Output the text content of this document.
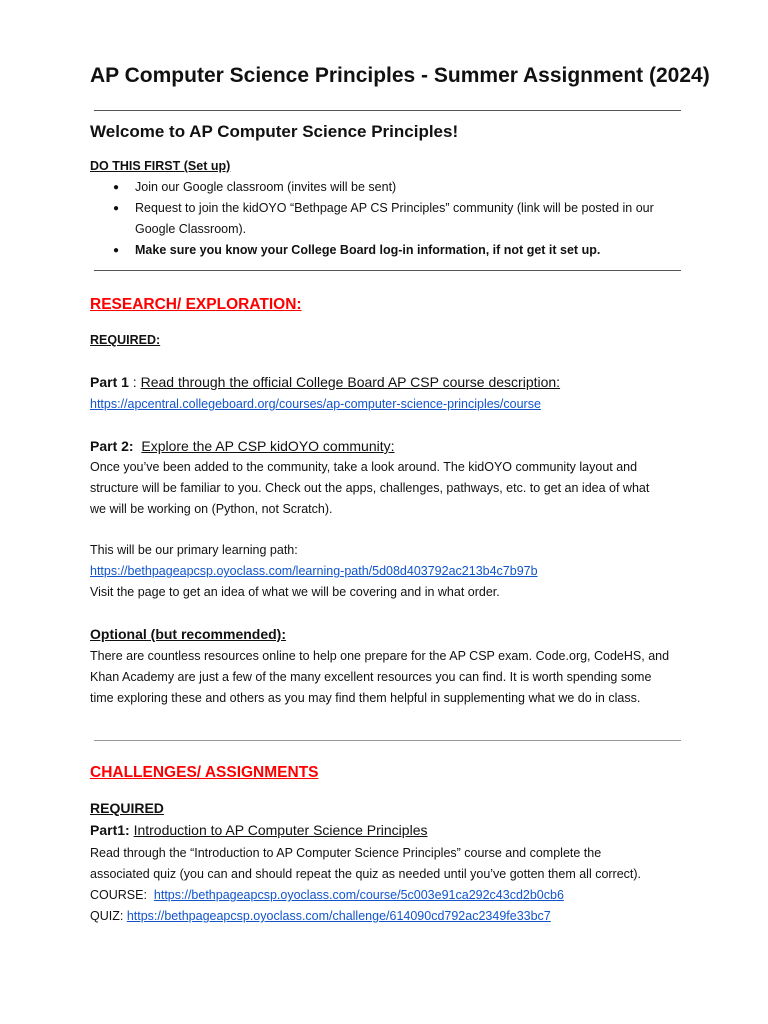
AP Computer Science Principles - Summer Assignment (2024)
Welcome to AP Computer Science Principles!

DO THIS FIRST (Set up)

● Join our Google classroom (invites will be sent)
● Request to join the kidOYO “Bethpage AP CS Principles” community (link will be posted in our
Google Classroom).
● Make sure you know your College Board log-in information, if not get it set up.
RESEARCH/ EXPLORATION:

REQUIRED:

Part 1 : Read through the official College Board AP CSP course description:

https://apcentral.collegeboard.org/courses/ap-computer-science-principles/course

Part 2: Explore the AP CSP kidOYO community:

Once you’ve been added to the community, take a look around. The kidOYO community layout and

structure will be familiar to you. Check out the apps, challenges, pathways, etc. to get an idea of what

we will be working on (Python, not Scratch).

This will be our primary learning path:

https://bethpageapcsp.oyoclass.com/learning-path/5d08d403792ac213b4c7b97b

Visit the page to get an idea of what we will be covering and in what order.

Optional (but recommended):

There are countless resources online to help one prepare for the AP CSP exam. Code.org, CodeHS, and

Khan Academy are just a few of the many excellent resources you can find. It is worth spending some

time exploring these and others as you may find them helpful in supplementing what we do in class.

CHALLENGES/ ASSIGNMENTS

REQUIRED

Part1: Introduction to AP Computer Science Principles

Read through the “Introduction to AP Computer Science Principles” course and complete the

associated quiz (you can and should repeat the quiz as needed until you’ve gotten them all correct).

COURSE: https://bethpageapcsp.oyoclass.com/course/5c003e91ca292c43cd2b0cb6

QUIZ: https://bethpageapcsp.oyoclass.com/challenge/614090cd792ac2349fe33bc7
